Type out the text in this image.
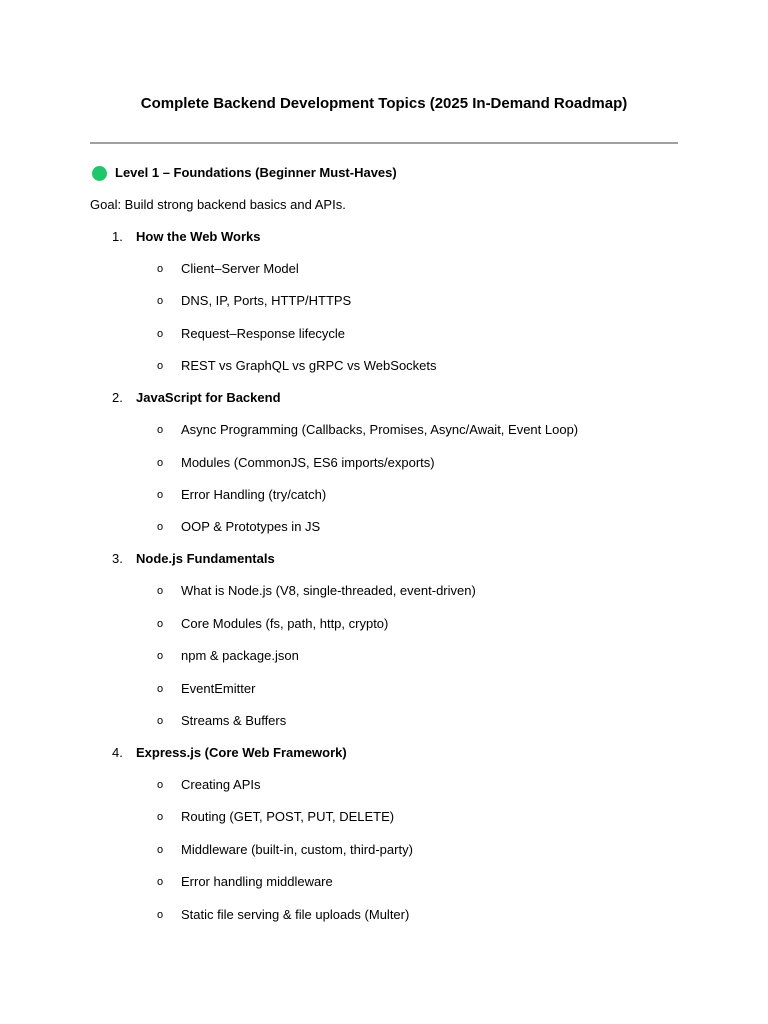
Complete Backend Development Topics (2025 In-Demand Roadmap)
Level 1 – Foundations (Beginner Must-Haves)
Goal: Build strong backend basics and APIs.
1.	How the Web Works
o	Client–Server Model
o	DNS, IP, Ports, HTTP/HTTPS
o	Request–Response lifecycle
o	REST vs GraphQL vs gRPC vs WebSockets
2.	JavaScript for Backend
o	Async Programming (Callbacks, Promises, Async/Await, Event Loop)
o	Modules (CommonJS, ES6 imports/exports)
o	Error Handling (try/catch)
o	OOP & Prototypes in JS
3.	Node.js Fundamentals
o	What is Node.js (V8, single-threaded, event-driven)
o	Core Modules (fs, path, http, crypto)
o	npm & package.json
o	EventEmitter
o	Streams & Buffers
4.	Express.js (Core Web Framework)
o	Creating APIs
o	Routing (GET, POST, PUT, DELETE)
o	Middleware (built-in, custom, third-party)
o	Error handling middleware
o	Static file serving & file uploads (Multer)
